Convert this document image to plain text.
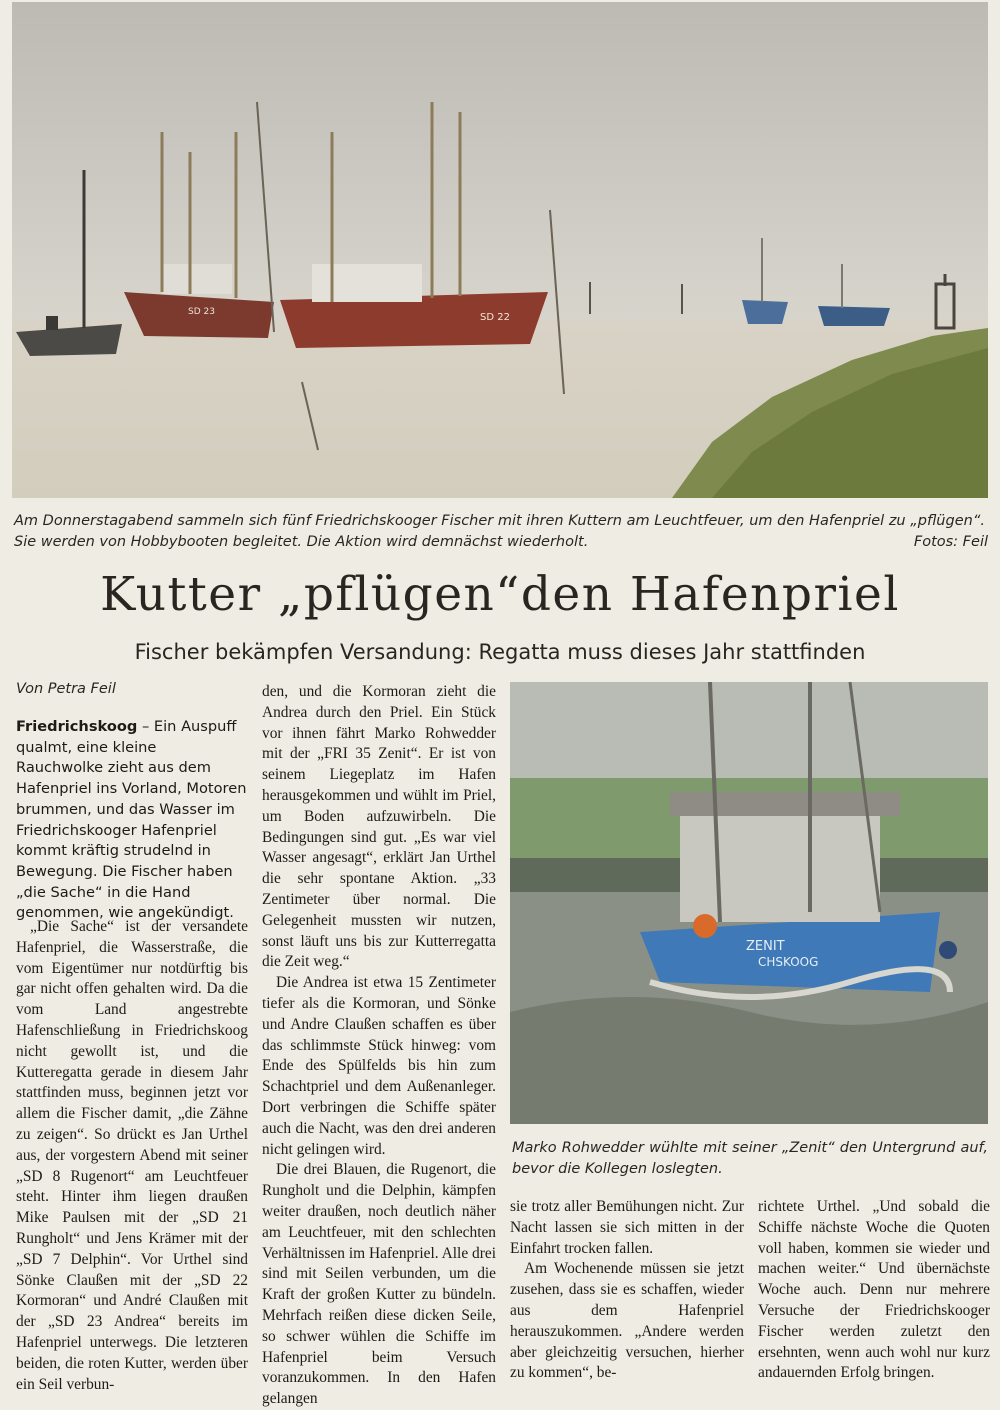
SD 23	SD 22
Am Donnerstagabend sammeln sich fünf Friedrichskooger Fischer mit ihren Kuttern am Leuchtfeuer, um den Hafenpriel zu „pflügen“. Sie werden von Hobbybooten begleitet. Die Aktion wird demnächst wiederholt.	Fotos: Feil
Kutter „pflügen“den Hafenpriel
Fischer bekämpfen Versandung: Regatta muss dieses Jahr stattfinden
Von Petra Feil

Friedrichskoog – Ein Auspuff qualmt, eine kleine Rauchwolke zieht aus dem Hafenpriel ins Vorland, Motoren brummen, und das Wasser im Friedrichskooger Hafenpriel kommt kräftig strudelnd in Bewegung. Die Fischer haben „die Sache“ in die Hand genommen, wie angekündigt.

„Die Sache“ ist der versandete Hafenpriel, die Wasserstraße, die vom Eigentümer nur notdürftig bis gar nicht offen gehalten wird. Da die vom Land angestrebte Hafenschließung in Friedrichskoog nicht gewollt ist, und die Kutteregatta gerade in diesem Jahr stattfinden muss, beginnen jetzt vor allem die Fischer damit, „die Zähne zu zeigen“. So drückt es Jan Urthel aus, der vorgestern Abend mit seiner „SD 8 Rugenort“ am Leuchtfeuer steht. Hinter ihm liegen draußen Mike Paulsen mit der „SD 21 Rungholt“ und Jens Krämer mit der „SD 7 Delphin“. Vor Urthel sind Sönke Claußen mit der „SD 22 Kormoran“ und André Claußen mit der „SD 23 Andrea“ bereits im Hafenpriel unterwegs. Die letzteren beiden, die roten Kutter, werden über ein Seil verbun-

den, und die Kormoran zieht die Andrea durch den Priel. Ein Stück vor ihnen fährt Marko Rohwedder mit der „FRI 35 Zenit“. Er ist von seinem Liegeplatz im Hafen herausgekommen und wühlt im Priel, um Boden aufzuwirbeln. Die Bedingungen sind gut. „Es war viel Wasser angesagt“, erklärt Jan Urthel die sehr spontane Aktion. „33 Zentimeter über normal. Die Gelegenheit mussten wir nutzen, sonst läuft uns bis zur Kutterregatta die Zeit weg.“

Die Andrea ist etwa 15 Zentimeter tiefer als die Kormoran, und Sönke und Andre Claußen schaffen es über das schlimmste Stück hinweg: vom Ende des Spülfelds bis hin zum Schachtpriel und dem Außenanleger. Dort verbringen die Schiffe später auch die Nacht, was den drei anderen nicht gelingen wird.

Die drei Blauen, die Rugenort, die Rungholt und die Delphin, kämpfen weiter draußen, noch deutlich näher am Leuchtfeuer, mit den schlechten Verhältnissen im Hafenpriel. Alle drei sind mit Seilen verbunden, um die Kraft der großen Kutter zu bündeln. Mehrfach reißen diese dicken Seile, so schwer wühlen die Schiffe im Hafenpriel beim Versuch voranzukommen. In den Hafen gelangen

ZENIT
CHSKOOG
Marko Rohwedder wühlte mit seiner „Zenit“ den Untergrund auf, bevor die Kollegen loslegten.

sie trotz aller Bemühungen nicht. Zur Nacht lassen sie sich mitten in der Einfahrt trocken fallen.

Am Wochenende müssen sie jetzt zusehen, dass sie es schaffen, wieder aus dem Hafenpriel herauszukommen. „Andere werden aber gleichzeitig versuchen, hierher zu kommen“, be-

richtete Urthel. „Und sobald die Schiffe nächste Woche die Quoten voll haben, kommen sie wieder und machen weiter.“ Und übernächste Woche auch. Denn nur mehrere Versuche der Friedrichskooger Fischer werden zuletzt den ersehnten, wenn auch wohl nur kurz andauernden Erfolg bringen.
